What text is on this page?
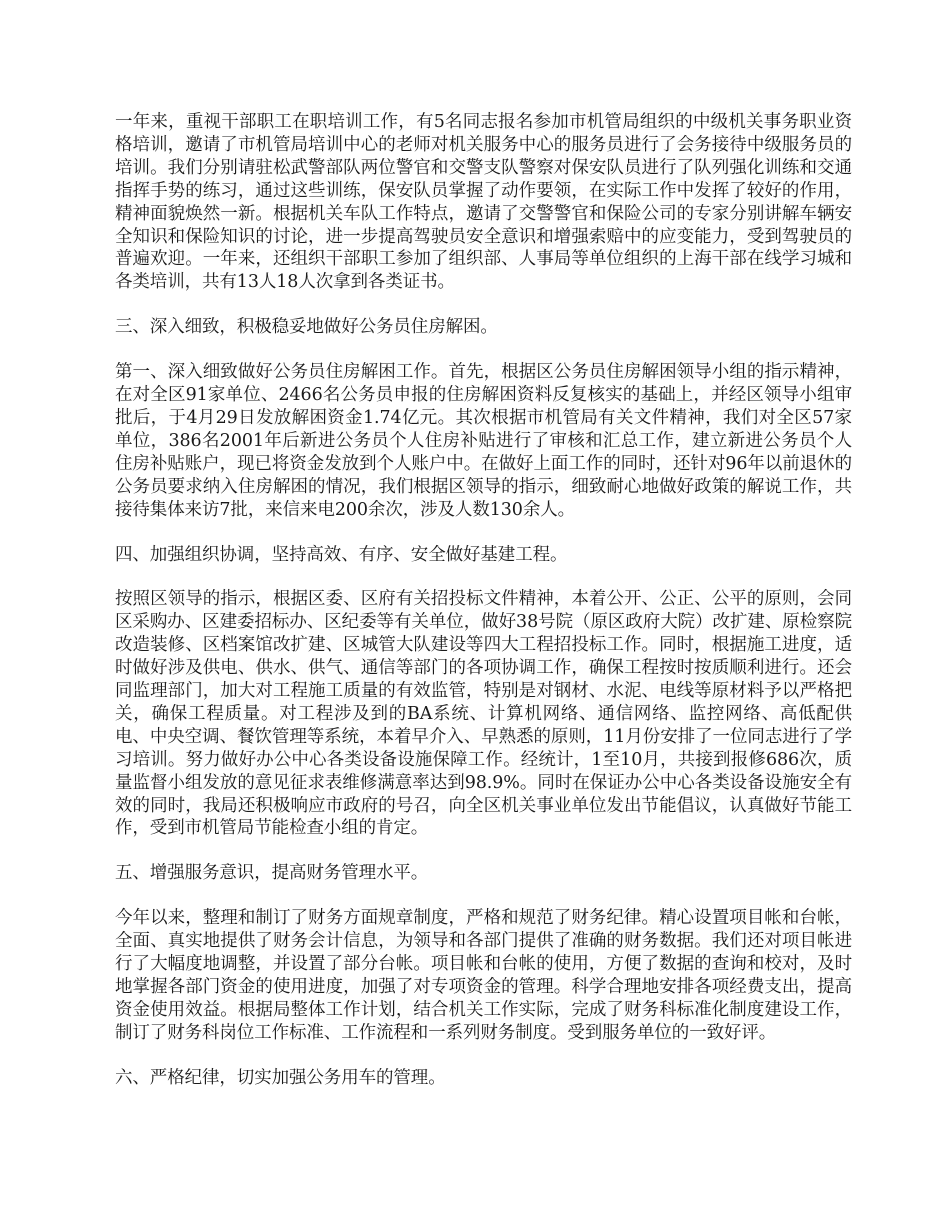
一年来，重视干部职工在职培训工作，有5名同志报名参加市机管局组织的中级机关事务职业资格培训，邀请了市机管局培训中心的老师对机关服务中心的服务员进行了会务接待中级服务员的培训。我们分别请驻松武警部队两位警官和交警支队警察对保安队员进行了队列强化训练和交通指挥手势的练习，通过这些训练，保安队员掌握了动作要领，在实际工作中发挥了较好的作用，精神面貌焕然一新。根据机关车队工作特点，邀请了交警警官和保险公司的专家分别讲解车辆安全知识和保险知识的讨论，进一步提高驾驶员安全意识和增强索赔中的应变能力，受到驾驶员的普遍欢迎。一年来，还组织干部职工参加了组织部、人事局等单位组织的上海干部在线学习城和各类培训，共有13人18人次拿到各类证书。

三、深入细致，积极稳妥地做好公务员住房解困。

第一、深入细致做好公务员住房解困工作。首先，根据区公务员住房解困领导小组的指示精神，在对全区91家单位、2466名公务员申报的住房解困资料反复核实的基础上，并经区领导小组审批后，于4月29日发放解困资金1.74亿元。其次根据市机管局有关文件精神，我们对全区57家单位，386名2001年后新进公务员个人住房补贴进行了审核和汇总工作，建立新进公务员个人住房补贴账户，现已将资金发放到个人账户中。在做好上面工作的同时，还针对96年以前退休的公务员要求纳入住房解困的情况，我们根据区领导的指示，细致耐心地做好政策的解说工作，共接待集体来访7批，来信来电200余次，涉及人数130余人。

四、加强组织协调，坚持高效、有序、安全做好基建工程。

按照区领导的指示，根据区委、区府有关招投标文件精神，本着公开、公正、公平的原则，会同区采购办、区建委招标办、区纪委等有关单位，做好38号院（原区政府大院）改扩建、原检察院改造装修、区档案馆改扩建、区城管大队建设等四大工程招投标工作。同时，根据施工进度，适时做好涉及供电、供水、供气、通信等部门的各项协调工作，确保工程按时按质顺利进行。还会同监理部门，加大对工程施工质量的有效监管，特别是对钢材、水泥、电线等原材料予以严格把关，确保工程质量。对工程涉及到的BA系统、计算机网络、通信网络、监控网络、高低配供电、中央空调、餐饮管理等系统，本着早介入、早熟悉的原则，11月份安排了一位同志进行了学习培训。努力做好办公中心各类设备设施保障工作。经统计，1至10月，共接到报修686次，质量监督小组发放的意见征求表维修满意率达到98.9%。同时在保证办公中心各类设备设施安全有效的同时，我局还积极响应市政府的号召，向全区机关事业单位发出节能倡议，认真做好节能工作，受到市机管局节能检查小组的肯定。

五、增强服务意识，提高财务管理水平。

今年以来，整理和制订了财务方面规章制度，严格和规范了财务纪律。精心设置项目帐和台帐，全面、真实地提供了财务会计信息，为领导和各部门提供了准确的财务数据。我们还对项目帐进行了大幅度地调整，并设置了部分台帐。项目帐和台帐的使用，方便了数据的查询和校对，及时地掌握各部门资金的使用进度，加强了对专项资金的管理。科学合理地安排各项经费支出，提高资金使用效益。根据局整体工作计划，结合机关工作实际，完成了财务科标准化制度建设工作，制订了财务科岗位工作标准、工作流程和一系列财务制度。受到服务单位的一致好评。

六、严格纪律，切实加强公务用车的管理。
